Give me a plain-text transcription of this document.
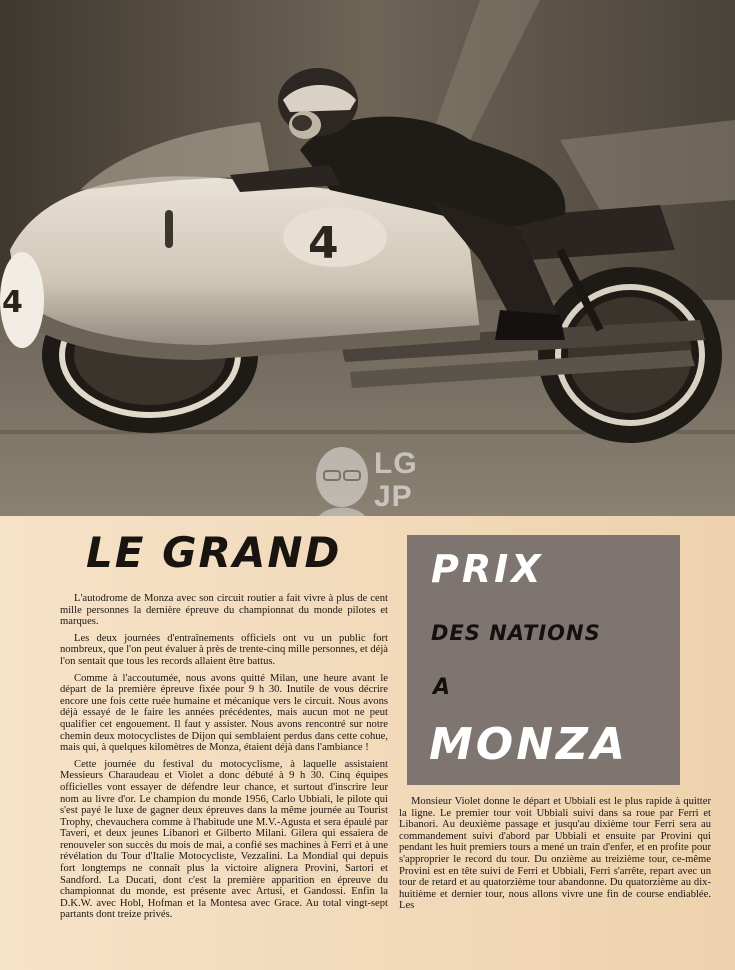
4
4
LG JP
LE GRAND PRIX
DES NATIONS
A
MONZA

L'autodrome de Monza avec son circuit routier a fait vivre à plus de cent mille personnes la dernière épreuve du championnat du monde pilotes et marques.

Les deux journées d'entraînements officiels ont vu un public fort nombreux, que l'on peut évaluer à près de trente-cinq mille personnes, et déjà l'on sentait que tous les records allaient être battus.

Comme à l'accoutumée, nous avons quitté Milan, une heure avant le départ de la première épreuve fixée pour 9 h 30. Inutile de vous décrire encore une fois cette ruée humaine et mécanique vers le circuit. Nous avons déjà essayé de le faire les années précédentes, mais aucun mot ne peut qualifier cet engouement. Il faut y assister. Nous avons rencontré sur notre chemin deux motocyclistes de Dijon qui semblaient perdus dans cette cohue, mais qui, à quelques kilomètres de Monza, étaient déjà dans l'ambiance !

Cette journée du festival du motocyclisme, à laquelle assistaient Messieurs Charaudeau et Violet a donc débuté à 9 h 30. Cinq équipes officielles vont essayer de défendre leur chance, et surtout d'inscrire leur nom au livre d'or. Le champion du monde 1956, Carlo Ubbiali, le pilote qui s'est payé le luxe de gagner deux épreuves dans la même journée au Tourist Trophy, chevauchera comme à l'habitude une M.V.-Agusta et sera épaulé par Taveri, et deux jeunes Libanori et Gilberto Milani. Gilera qui essaiera de renouveler son succès du mois de mai, a confié ses machines à Ferri et à une révélation du Tour d'Italie Motocycliste, Vezzalini. La Mondial qui depuis fort longtemps ne connaît plus la victoire alignera Provini, Sartori et Sandford. La Ducati, dont c'est la première apparition en épreuve du championnat du monde, est présente avec Artusi, et Gandossi. Enfin la D.K.W. avec Hobl, Hofman et la Montesa avec Grace. Au total vingt-sept partants dont treize privés.

Monsieur Violet donne le départ et Ubbiali est le plus rapide à quitter la ligne. Le premier tour voit Ubbiali suivi dans sa roue par Ferri et Libanori. Au deuxième passage et jusqu'au dixième tour Ferri sera au commandement suivi d'abord par Ubbiali et ensuite par Provini qui pendant les huit premiers tours a mené un train d'enfer, et en profite pour s'approprier le record du tour. Du onzième au treizième tour, ce-même Provini est en tête suivi de Ferri et Ubbiali, Ferri s'arrête, repart avec un tour de retard et au quatorzième tour abandonne. Du quatorzième au dix-huitième et dernier tour, nous allons vivre une fin de course endiablée. Les
